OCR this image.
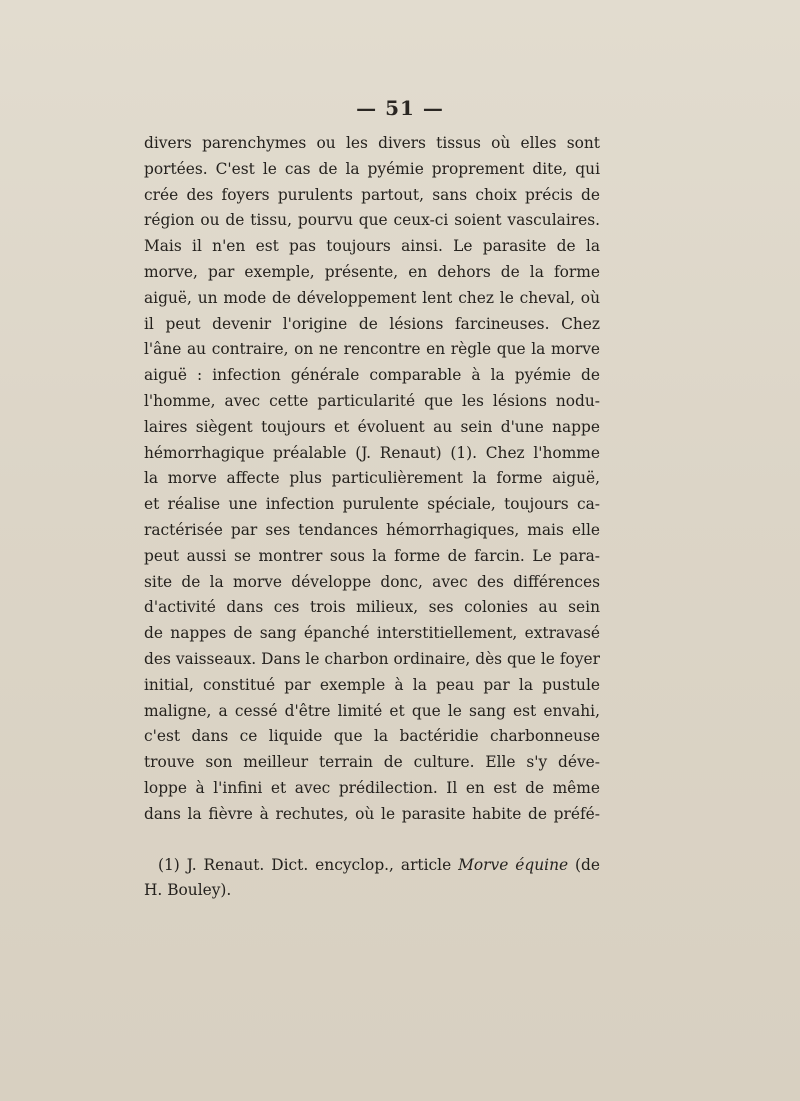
— 51 —
divers parenchymes ou les divers tissus où elles sont
portées. C'est le cas de la pyémie proprement dite, qui
crée des foyers purulents partout, sans choix précis de
région ou de tissu, pourvu que ceux-ci soient vasculaires.
Mais il n'en est pas toujours ainsi. Le parasite de la
morve, par exemple, présente, en dehors de la forme
aiguë, un mode de développement lent chez le cheval, où
il peut devenir l'origine de lésions farcineuses. Chez
l'âne au contraire, on ne rencontre en règle que la morve
aiguë : infection générale comparable à la pyémie de
l'homme, avec cette particularité que les lésions nodu-
laires siègent toujours et évoluent au sein d'une nappe
hémorrhagique préalable (J. Renaut) (1). Chez l'homme
la morve affecte plus particulièrement la forme aiguë,
et réalise une infection purulente spéciale, toujours ca-
ractérisée par ses tendances hémorrhagiques, mais elle
peut aussi se montrer sous la forme de farcin. Le para-
site de la morve développe donc, avec des différences
d'activité dans ces trois milieux, ses colonies au sein
de nappes de sang épanché interstitiellement, extravasé
des vaisseaux. Dans le charbon ordinaire, dès que le foyer
initial, constitué par exemple à la peau par la pustule
maligne, a cessé d'être limité et que le sang est envahi,
c'est dans ce liquide que la bactéridie charbonneuse
trouve son meilleur terrain de culture. Elle s'y déve-
loppe à l'infini et avec prédilection. Il en est de même
dans la fièvre à rechutes, où le parasite habite de préfé-
(1) J. Renaut. Dict. encyclop., article Morve équine (de
H. Bouley).
